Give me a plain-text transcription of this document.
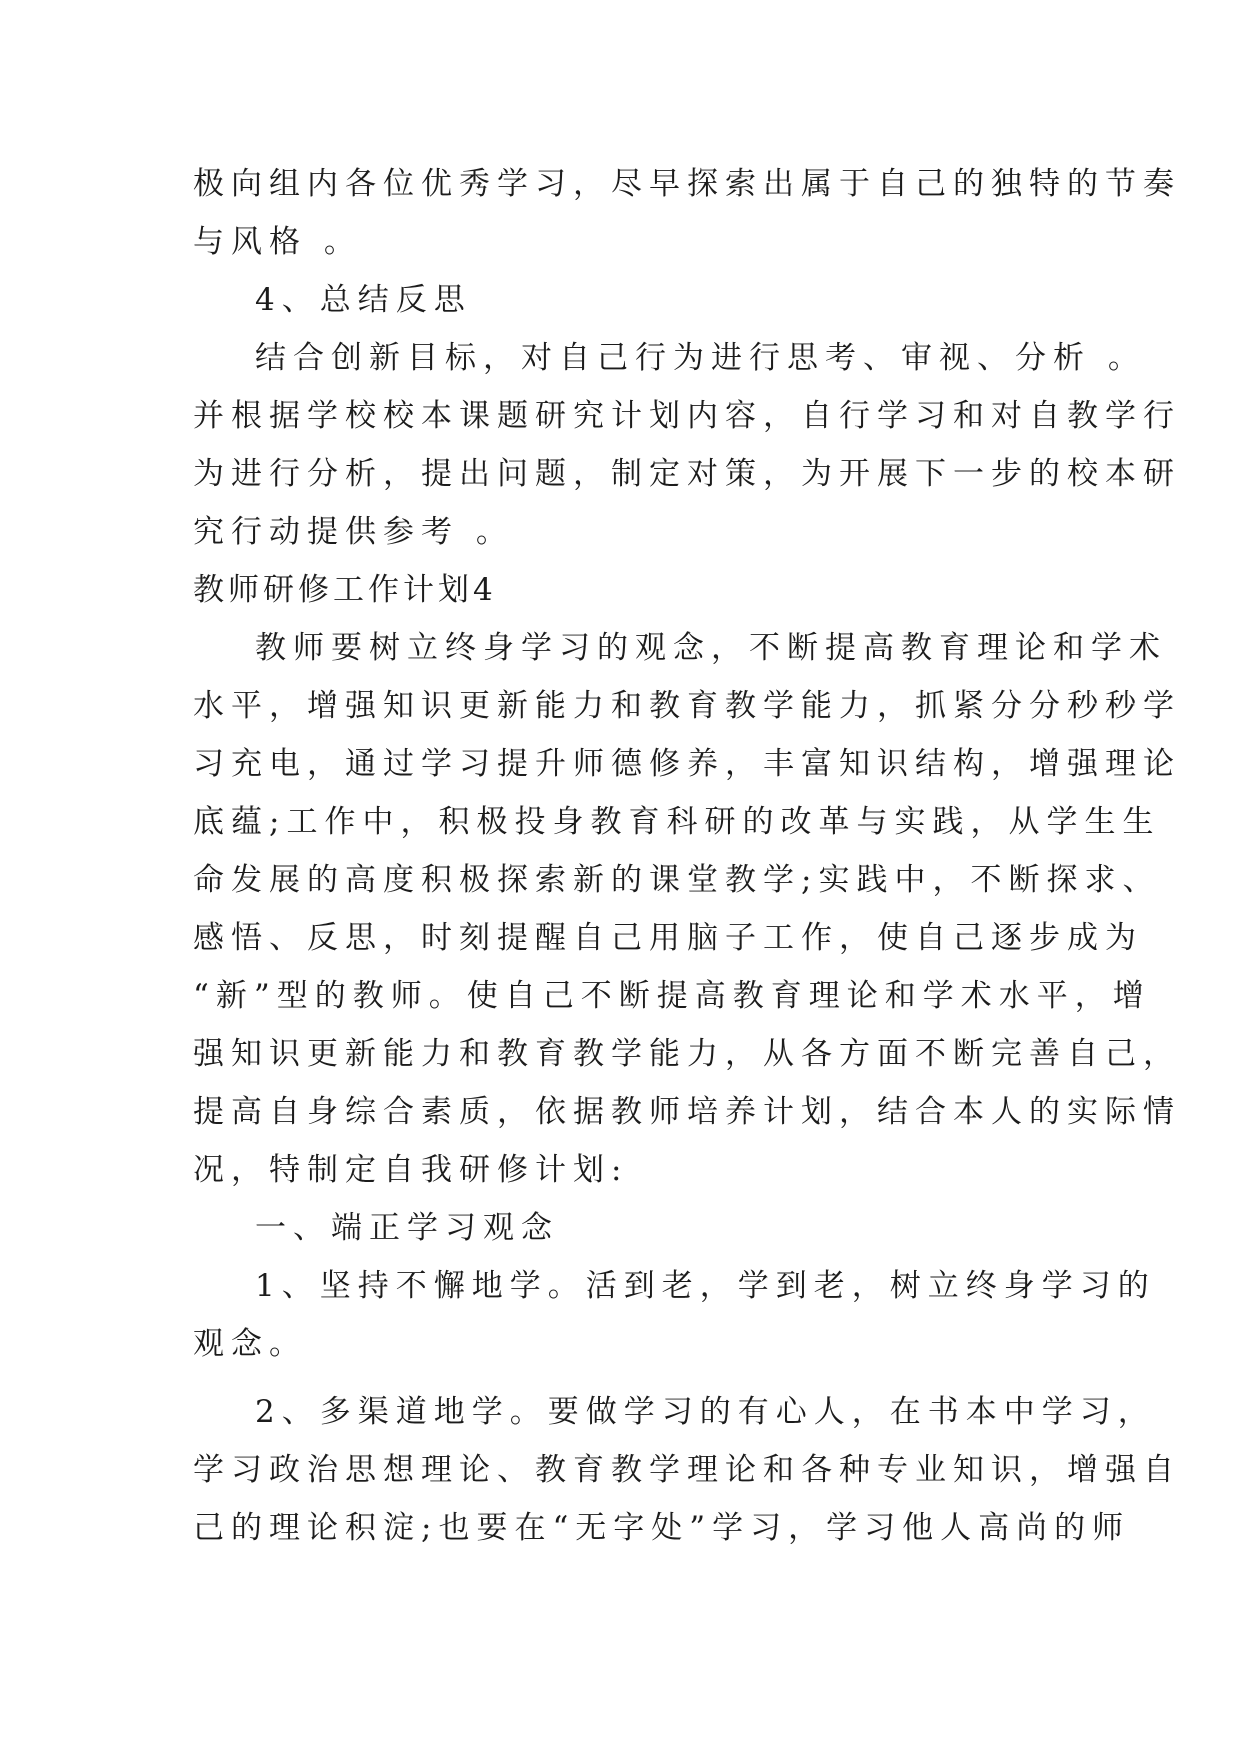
极向组内各位优秀学习，尽早探索出属于自己的独特的节奏

与风格 。

4、总结反思

结合创新目标，对自己行为进行思考、审视、分析 。

并根据学校校本课题研究计划内容，自行学习和对自教学行

为进行分析，提出问题，制定对策，为开展下一步的校本研

究行动提供参考 。

教师研修工作计划4

教师要树立终身学习的观念，不断提高教育理论和学术

水平，增强知识更新能力和教育教学能力，抓紧分分秒秒学

习充电，通过学习提升师德修养，丰富知识结构，增强理论

底蕴;工作中，积极投身教育科研的改革与实践，从学生生

命发展的高度积极探索新的课堂教学;实践中，不断探求、

感悟、反思，时刻提醒自己用脑子工作，使自己逐步成为

“新”型的教师。使自己不断提高教育理论和学术水平，增

强知识更新能力和教育教学能力，从各方面不断完善自己，

提高自身综合素质，依据教师培养计划，结合本人的实际情

况，特制定自我研修计划:

一、端正学习观念

1、坚持不懈地学。活到老，学到老，树立终身学习的

观念。

2、多渠道地学。要做学习的有心人，在书本中学习，

学习政治思想理论、教育教学理论和各种专业知识，增强自

己的理论积淀;也要在“无字处”学习，学习他人高尚的师
